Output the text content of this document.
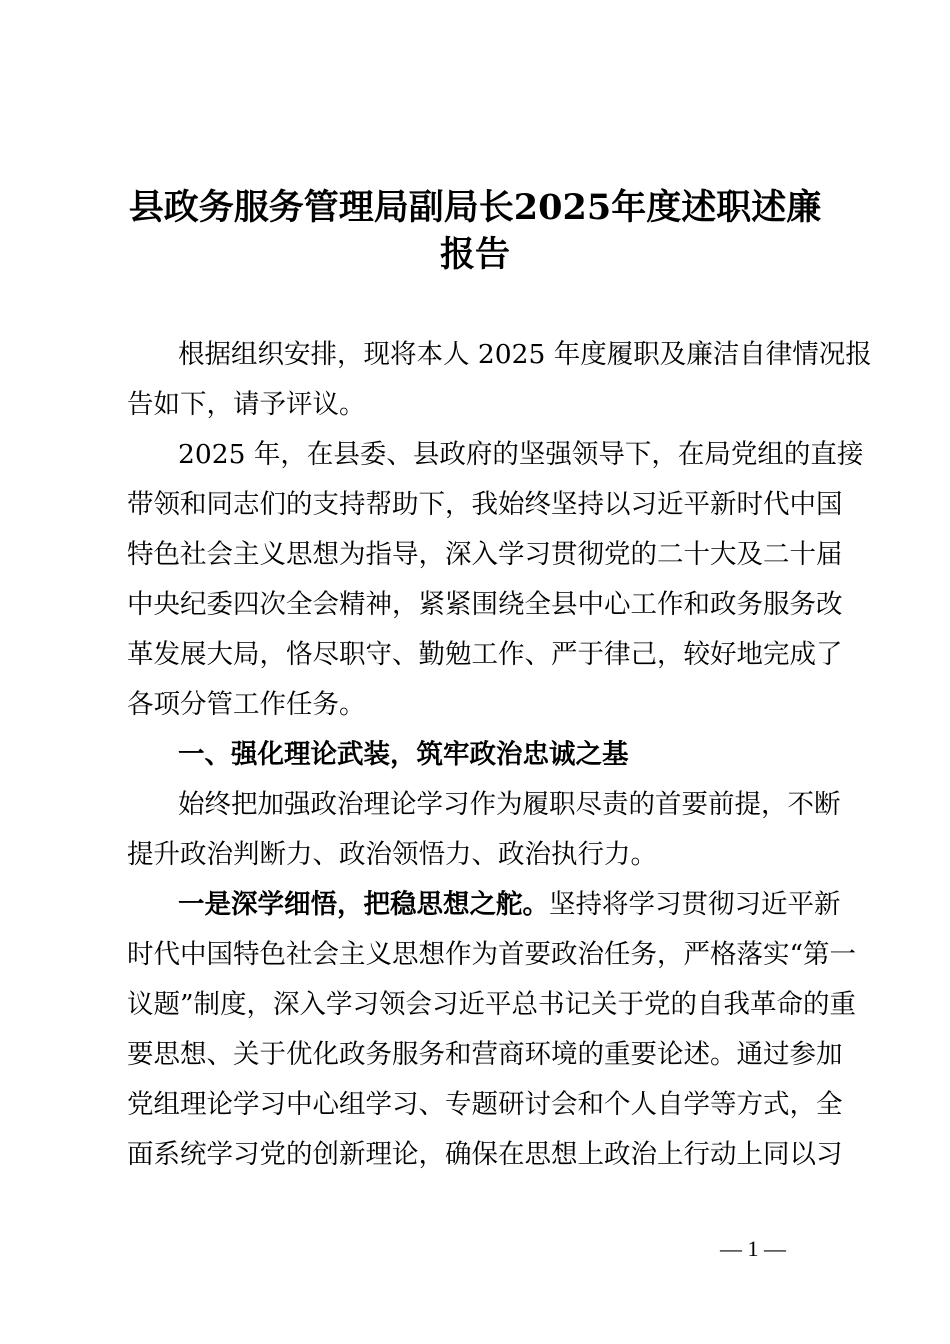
县政务服务管理局副局长2025年度述职述廉
报告
根据组织安排，现将本人 2025 年度履职及廉洁自律情况报
告如下，请予评议。
2025 年，在县委、县政府的坚强领导下，在局党组的直接
带领和同志们的支持帮助下，我始终坚持以习近平新时代中国
特色社会主义思想为指导，深入学习贯彻党的二十大及二十届
中央纪委四次全会精神，紧紧围绕全县中心工作和政务服务改
革发展大局，恪尽职守、勤勉工作、严于律己，较好地完成了
各项分管工作任务。
一、强化理论武装，筑牢政治忠诚之基
始终把加强政治理论学习作为履职尽责的首要前提，不断
提升政治判断力、政治领悟力、政治执行力。
一是深学细悟，把稳思想之舵。坚持将学习贯彻习近平新
时代中国特色社会主义思想作为首要政治任务，严格落实“第一
议题”制度，深入学习领会习近平总书记关于党的自我革命的重
要思想、关于优化政务服务和营商环境的重要论述。通过参加
党组理论学习中心组学习、专题研讨会和个人自学等方式，全
面系统学习党的创新理论，确保在思想上政治上行动上同以习
— 1 —
